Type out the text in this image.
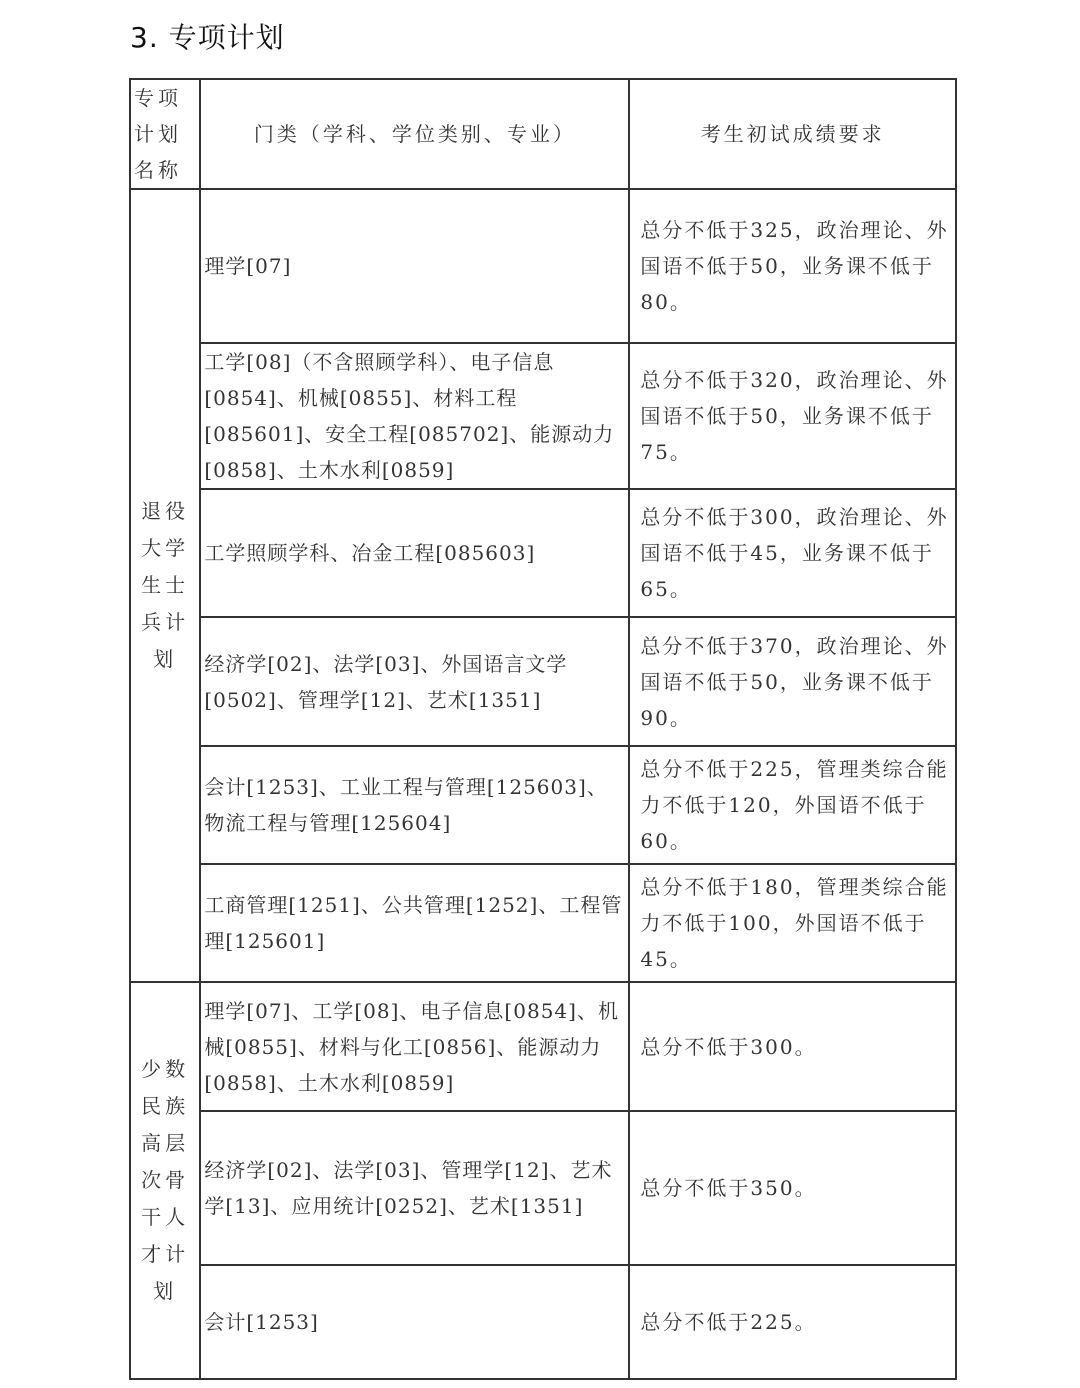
3. 专项计划
专项计划名称	门类（学科、学位类别、专业）	考生初试成绩要求
退役大学生士兵计划	理学[07]	总分不低于325，政治理论、外国语不低于50，业务课不低于80。
	工学[08]（不含照顾学科）、电子信息[0854]、机械[0855]、材料工程[085601]、安全工程[085702]、能源动力[0858]、土木水利[0859]	总分不低于320，政治理论、外国语不低于50，业务课不低于75。
	工学照顾学科、冶金工程[085603]	总分不低于300，政治理论、外国语不低于45，业务课不低于65。
	经济学[02]、法学[03]、外国语言文学[0502]、管理学[12]、艺术[1351]	总分不低于370，政治理论、外国语不低于50，业务课不低于90。
	会计[1253]、工业工程与管理[125603]、物流工程与管理[125604]	总分不低于225，管理类综合能力不低于120，外国语不低于60。
	工商管理[1251]、公共管理[1252]、工程管理[125601]	总分不低于180，管理类综合能力不低于100，外国语不低于45。
少数民族高层次骨干人才计划	理学[07]、工学[08]、电子信息[0854]、机械[0855]、材料与化工[0856]、能源动力[0858]、土木水利[0859]	总分不低于300。
	经济学[02]、法学[03]、管理学[12]、艺术学[13]、应用统计[0252]、艺术[1351]	总分不低于350。
	会计[1253]	总分不低于225。
